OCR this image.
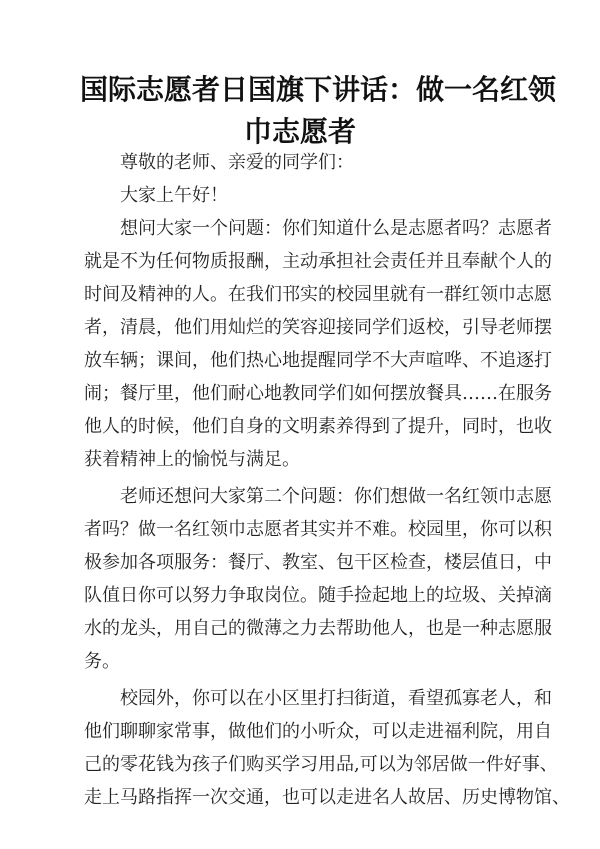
国际志愿者日国旗下讲话：做一名红领
巾志愿者
尊敬的老师、亲爱的同学们：
大家上午好！
想问大家一个问题：你们知道什么是志愿者吗？志愿者
就是不为任何物质报酬，主动承担社会责任并且奉献个人的
时间及精神的人。在我们邗实的校园里就有一群红领巾志愿
者，清晨，他们用灿烂的笑容迎接同学们返校，引导老师摆
放车辆；课间，他们热心地提醒同学不大声喧哗、不追逐打
闹；餐厅里，他们耐心地教同学们如何摆放餐具……在服务
他人的时候，他们自身的文明素养得到了提升，同时，也收
获着精神上的愉悦与满足。
老师还想问大家第二个问题：你们想做一名红领巾志愿
者吗？做一名红领巾志愿者其实并不难。校园里，你可以积
极参加各项服务：餐厅、教室、包干区检查，楼层值日，中
队值日你可以努力争取岗位。随手捡起地上的垃圾、关掉滴
水的龙头，用自己的微薄之力去帮助他人，也是一种志愿服
务。
校园外，你可以在小区里打扫街道，看望孤寡老人，和
他们聊聊家常事，做他们的小听众，可以走进福利院，用自
己的零花钱为孩子们购买学习用品,可以为邻居做一件好事、
走上马路指挥一次交通，也可以走进名人故居、历史博物馆、
